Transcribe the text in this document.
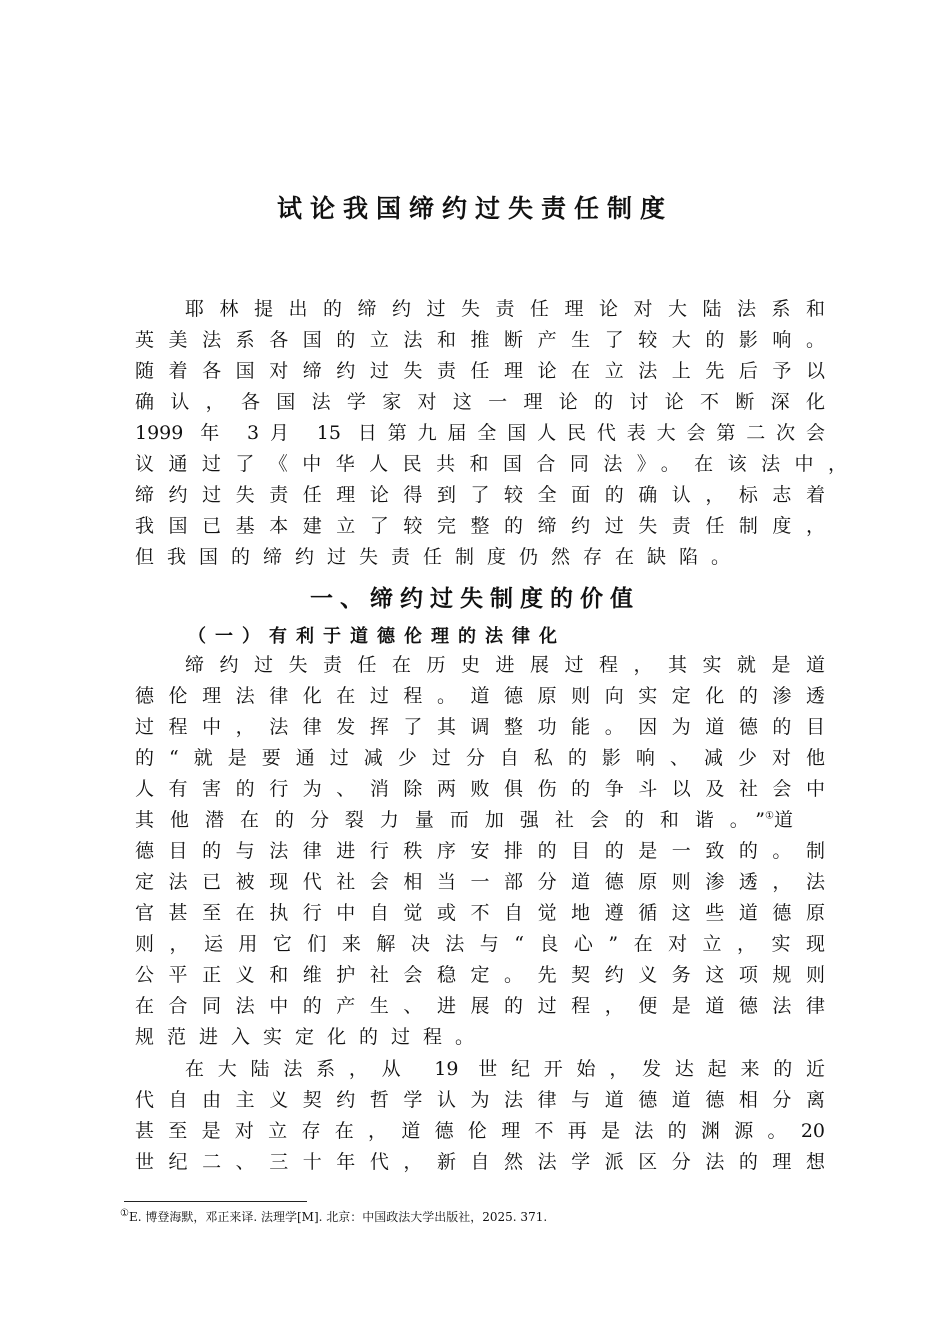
试论我国缔约过失责任制度
耶林提出的缔约过失责任理论对大陆法系和
英美法系各国的立法和推断产生了较大的影响。
随着各国对缔约过失责任理论在立法上先后予以
确认，各国法学家对这一理论的讨论不断深化
1999 年 3月 15 日第九届全国人民代表大会第二次会
议通过了《中华人民共和国合同法》。在该法中，
缔约过失责任理论得到了较全面的确认，标志着
我国已基本建立了较完整的缔约过失责任制度，
但我国的缔约过失责任制度仍然存在缺陷。
一、缔约过失制度的价值
（一）有利于道德伦理的法律化
缔约过失责任在历史进展过程，其实就是道
德伦理法律化在过程。道德原则向实定化的渗透
过程中，法律发挥了其调整功能。因为道德的目
的“就是要通过减少过分自私的影响、减少对他
人有害的行为、消除两败俱伤的争斗以及社会中
其他潜在的分裂力量而加强社会的和谐。”①道
德目的与法律进行秩序安排的目的是一致的。制
定法已被现代社会相当一部分道德原则渗透，法
官甚至在执行中自觉或不自觉地遵循这些道德原
则，运用它们来解决法与“良心”在对立，实现
公平正义和维护社会稳定。先契约义务这项规则
在合同法中的产生、进展的过程，便是道德法律
规范进入实定化的过程。
在大陆法系，从 19 世纪开始，发达起来的近
代自由主义契约哲学认为法律与道德道德相分离
甚至是对立存在，道德伦理不再是法的渊源。20
世纪二、三十年代，新自然法学派区分法的理想
①E. 博登海默，邓正来译. 法理学[M]. 北京：中国政法大学出版社，2025. 371.
